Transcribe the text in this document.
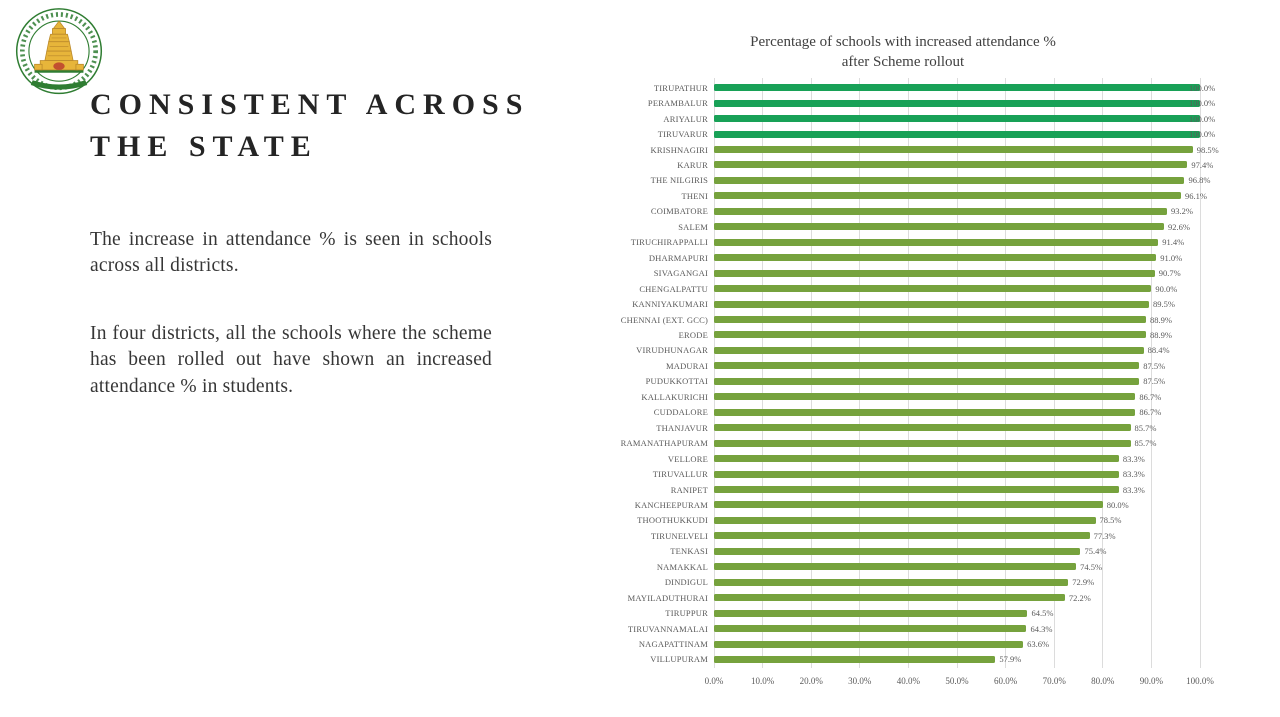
CONSISTENT ACROSS
THE STATE

The increase in attendance % is seen in schools across all districts.

In four districts, all the schools where the scheme has been rolled out have shown an increased attendance % in students.

Percentage of schools with increased attendance %
after Scheme rollout
TIRUPATHUR	100.0%
PERAMBALUR	100.0%
ARIYALUR	100.0%
TIRUVARUR	100.0%
KRISHNAGIRI	98.5%
KARUR	97.4%
THE NILGIRIS	96.8%
THENI	96.1%
COIMBATORE	93.2%
SALEM	92.6%
TIRUCHIRAPPALLI	91.4%
DHARMAPURI	91.0%
SIVAGANGAI	90.7%
CHENGALPATTU	90.0%
KANNIYAKUMARI	89.5%
CHENNAI (EXT. GCC)	88.9%
ERODE	88.9%
VIRUDHUNAGAR	88.4%
MADURAI	87.5%
PUDUKKOTTAI	87.5%
KALLAKURICHI	86.7%
CUDDALORE	86.7%
THANJAVUR	85.7%
RAMANATHAPURAM	85.7%
VELLORE	83.3%
TIRUVALLUR	83.3%
RANIPET	83.3%
KANCHEEPURAM	80.0%
THOOTHUKKUDI	78.5%
TIRUNELVELI	77.3%
TENKASI	75.4%
NAMAKKAL	74.5%
DINDIGUL	72.9%
MAYILADUTHURAI	72.2%
TIRUPPUR	64.5%
TIRUVANNAMALAI	64.3%
NAGAPATTINAM	63.6%
VILLUPURAM	57.9%
0.0%	10.0%	20.0%	30.0%	40.0%	50.0%	60.0%	70.0%	80.0%	90.0%	100.0%
